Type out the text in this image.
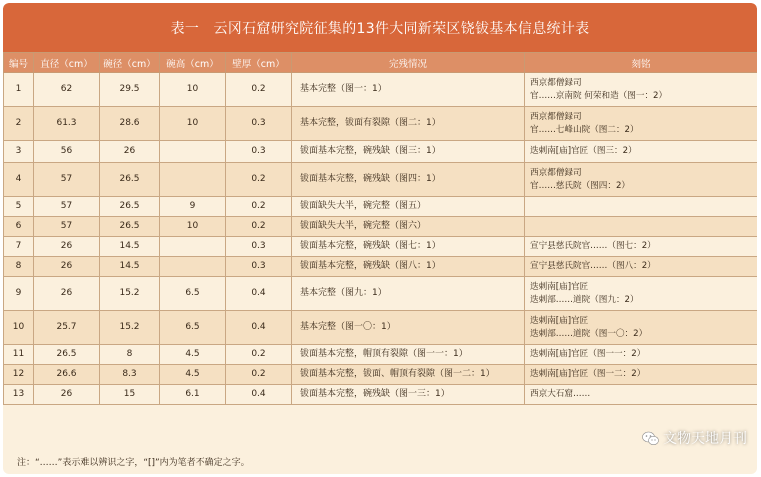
表一　云冈石窟研究院征集的13件大同新荣区铙钹基本信息统计表
编号	直径（cm）	碗径（cm）	碗高（cm）	壁厚（cm）	完残情况	刻铭
1	62	29.5	10	0.2	基本完整（图一：1）	西京都僧録司
官……京南院 何荣和造（图一：2）

2	61.3	28.6	10	0.3	基本完整，钹面有裂隙（图二：1）	西京都僧録司
官……七峰山院（图二：2）

3	56	26		0.3	钹面基本完整，碗残缺（图三：1）	迭剌南[庙]官匠（图三：2）

4	57	26.5		0.2	钹面基本完整，碗残缺（图四：1）	西京都僧録司
官……慈氏院（图四：2）

5	57	26.5	9	0.2	钹面缺失大半，碗完整（图五）	
6	57	26.5	10	0.2	钹面缺失大半，碗完整（图六）	
7	26	14.5		0.3	钹面基本完整，碗残缺（图七：1）	宣宁县慈氏院官……（图七：2）

8	26	14.5		0.3	钹面基本完整，碗残缺（图八：1）	宣宁县慈氏院官……（图八：2）

9	26	15.2	6.5	0.4	基本完整（图九：1）	迭剌南[庙]官匠
迭剌部……道院（图九：2）

10	25.7	15.2	6.5	0.4	基本完整（图一〇：1）	迭剌南[庙]官匠
迭剌部……道院（图一〇：2）

11	26.5	8	4.5	0.2	钹面基本完整，帽顶有裂隙（图一一：1）	迭剌南[庙]官匠（图一一：2）

12	26.6	8.3	4.5	0.2	钹面基本完整，钹面、帽顶有裂隙（图一二：1）	迭剌南[庙]官匠（图一二：2）

13	26	15	6.1	0.4	钹面基本完整，碗残缺（图一三：1）	西京大石窟……
注：“……”表示难以辨识之字，“[]”内为笔者不确定之字。
文物天地月刊
